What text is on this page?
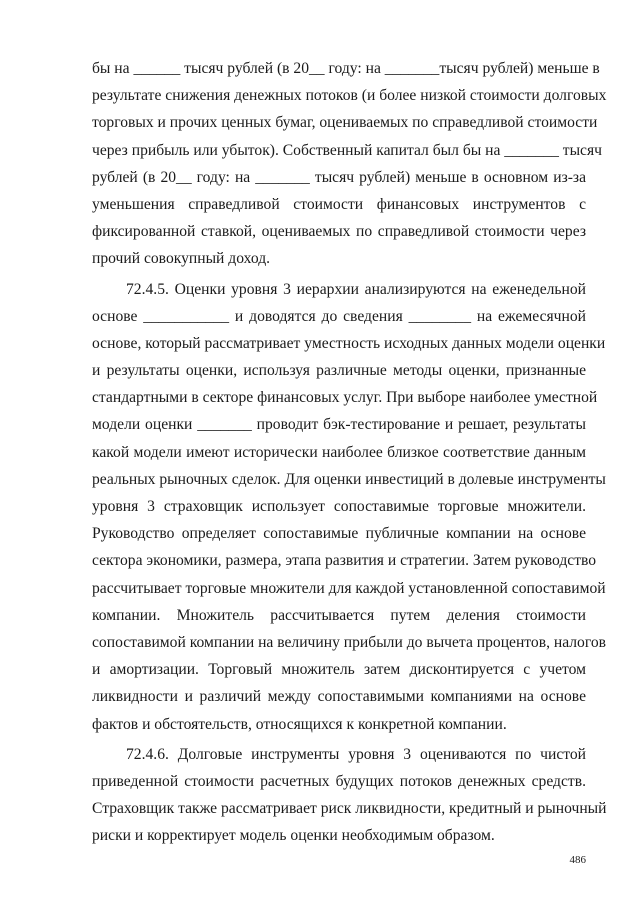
бы на ______ тысяч рублей (в 20__ году: на _______тысяч рублей) меньше в
результате снижения денежных потоков (и более низкой стоимости долговых
торговых и прочих ценных бумаг, оцениваемых по справедливой стоимости
через прибыль или убыток). Собственный капитал был бы на _______ тысяч
рублей (в 20__ году: на _______ тысяч рублей) меньше в основном из-за
уменьшения справедливой стоимости финансовых инструментов с
фиксированной ставкой, оцениваемых по справедливой стоимости через
прочий совокупный доход.
72.4.5. Оценки уровня 3 иерархии анализируются на еженедельной
основе ___________ и доводятся до сведения ________ на ежемесячной
основе, который рассматривает уместность исходных данных модели оценки
и результаты оценки, используя различные методы оценки, признанные
стандартными в секторе финансовых услуг. При выборе наиболее уместной
модели оценки _______ проводит бэк-тестирование и решает, результаты
какой модели имеют исторически наиболее близкое соответствие данным
реальных рыночных сделок. Для оценки инвестиций в долевые инструменты
уровня 3 страховщик использует сопоставимые торговые множители.
Руководство определяет сопоставимые публичные компании на основе
сектора экономики, размера, этапа развития и стратегии. Затем руководство
рассчитывает торговые множители для каждой установленной сопоставимой
компании. Множитель рассчитывается путем деления стоимости
сопоставимой компании на величину прибыли до вычета процентов, налогов
и амортизации. Торговый множитель затем дисконтируется с учетом
ликвидности и различий между сопоставимыми компаниями на основе
фактов и обстоятельств, относящихся к конкретной компании.
72.4.6. Долговые инструменты уровня 3 оцениваются по чистой
приведенной стоимости расчетных будущих потоков денежных средств.
Страховщик также рассматривает риск ликвидности, кредитный и рыночный
риски и корректирует модель оценки необходимым образом.
486
